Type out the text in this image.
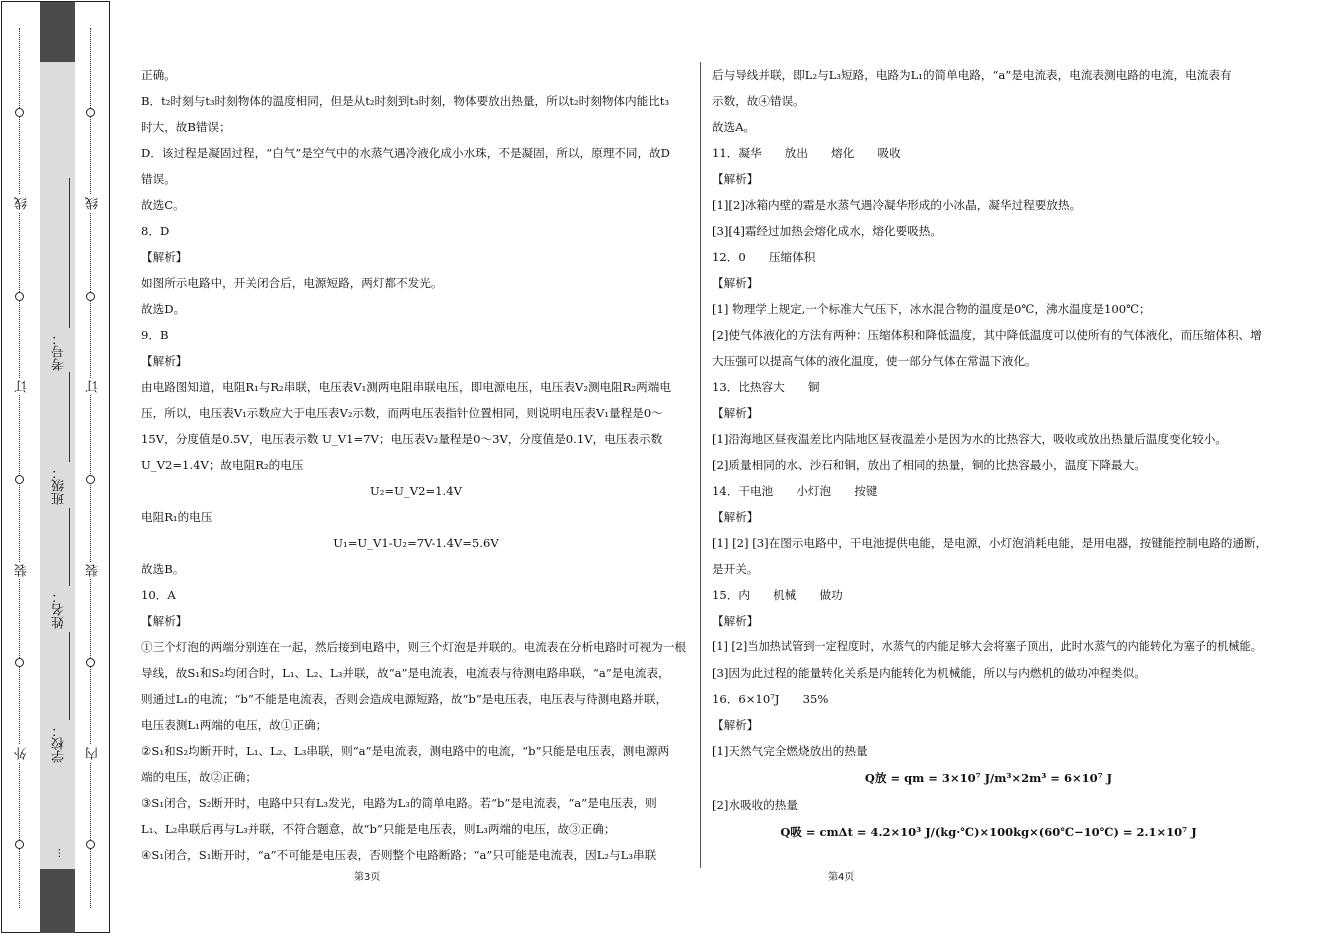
线
订
装
外
线
订
装
内
考号：
班级：
姓名：
学校：
…

正确。

B．t₂时刻与t₃时刻物体的温度相同，但是从t₂时刻到t₃时刻，物体要放出热量，所以t₂时刻物体内能比t₃

时大，故B错误；

D．该过程是凝固过程，“白气”是空气中的水蒸气遇冷液化成小水珠，不是凝固，所以，原理不同，故D

错误。

故选C。

8．D

【解析】

如图所示电路中，开关闭合后，电源短路，两灯都不发光。

故选D。

9．B

【解析】

由电路图知道，电阻R₁与R₂串联，电压表V₁测两电阻串联电压，即电源电压，电压表V₂测电阻R₂两端电

压，所以，电压表V₁示数应大于电压表V₂示数，而两电压表指针位置相同，则说明电压表V₁量程是0～

15V，分度值是0.5V，电压表示数 U_V1=7V；电压表V₂量程是0～3V，分度值是0.1V，电压表示数

U_V2=1.4V；故电阻R₂的电压

U₂=U_V2=1.4V

电阻R₁的电压

U₁=U_V1-U₂=7V-1.4V=5.6V

故选B。

10．A

【解析】

①三个灯泡的两端分别连在一起，然后接到电路中，则三个灯泡是并联的。电流表在分析电路时可视为一根

导线，故S₁和S₂均闭合时，L₁、L₂、L₃并联，故“a”是电流表，电流表与待测电路串联，“a”是电流表，

则通过L₁的电流；“b”不能是电流表，否则会造成电源短路，故“b”是电压表，电压表与待测电路并联，

电压表测L₁两端的电压，故①正确；

②S₁和S₂均断开时，L₁、L₂、L₃串联，则“a”是电流表，测电路中的电流，“b”只能是电压表，测电源两

端的电压，故②正确；

③S₁闭合，S₂断开时，电路中只有L₃发光，电路为L₃的简单电路。若“b”是电流表，“a”是电压表，则

L₁、L₂串联后再与L₃并联，不符合题意，故“b”只能是电压表，则L₃两端的电压，故③正确；

④S₁闭合，S₁断开时，“a”不可能是电压表，否则整个电路断路；“a”只可能是电流表，因L₂与L₃串联

第3页

后与导线并联，即L₂与L₃短路，电路为L₁的简单电路，“a”是电流表，电流表测电路的电流，电流表有

示数，故④错误。

故选A。

11．凝华　　放出　　熔化　　吸收

【解析】

[1][2]冰箱内壁的霜是水蒸气遇冷凝华形成的小冰晶，凝华过程要放热。

[3][4]霜经过加热会熔化成水，熔化要吸热。

12．0　　压缩体积

【解析】

[1] 物理学上规定,一个标准大气压下，冰水混合物的温度是0℃，沸水温度是100℃；

[2]使气体液化的方法有两种：压缩体积和降低温度，其中降低温度可以使所有的气体液化，而压缩体积、增

大压强可以提高气体的液化温度，使一部分气体在常温下液化。

13．比热容大　　铜

【解析】

[1]沿海地区昼夜温差比内陆地区昼夜温差小是因为水的比热容大，吸收或放出热量后温度变化较小。

[2]质量相同的水、沙石和铜，放出了相同的热量，铜的比热容最小，温度下降最大。

14．干电池　　小灯泡　　按键

【解析】

[1] [2] [3]在图示电路中，干电池提供电能，是电源，小灯泡消耗电能，是用电器，按键能控制电路的通断，

是开关。

15．内　　机械　　做功

【解析】

[1] [2]当加热试管到一定程度时，水蒸气的内能足够大会将塞子顶出，此时水蒸气的内能转化为塞子的机械能。

[3]因为此过程的能量转化关系是内能转化为机械能，所以与内燃机的做功冲程类似。

16．6×10⁷J　　35%

【解析】

[1]天然气完全燃烧放出的热量

Q放 = qm = 3×10⁷ J/m³×2m³ = 6×10⁷ J

[2]水吸收的热量

Q吸 = cmΔt = 4.2×10³ J/(kg·℃)×100kg×(60℃−10℃) = 2.1×10⁷ J

第4页
